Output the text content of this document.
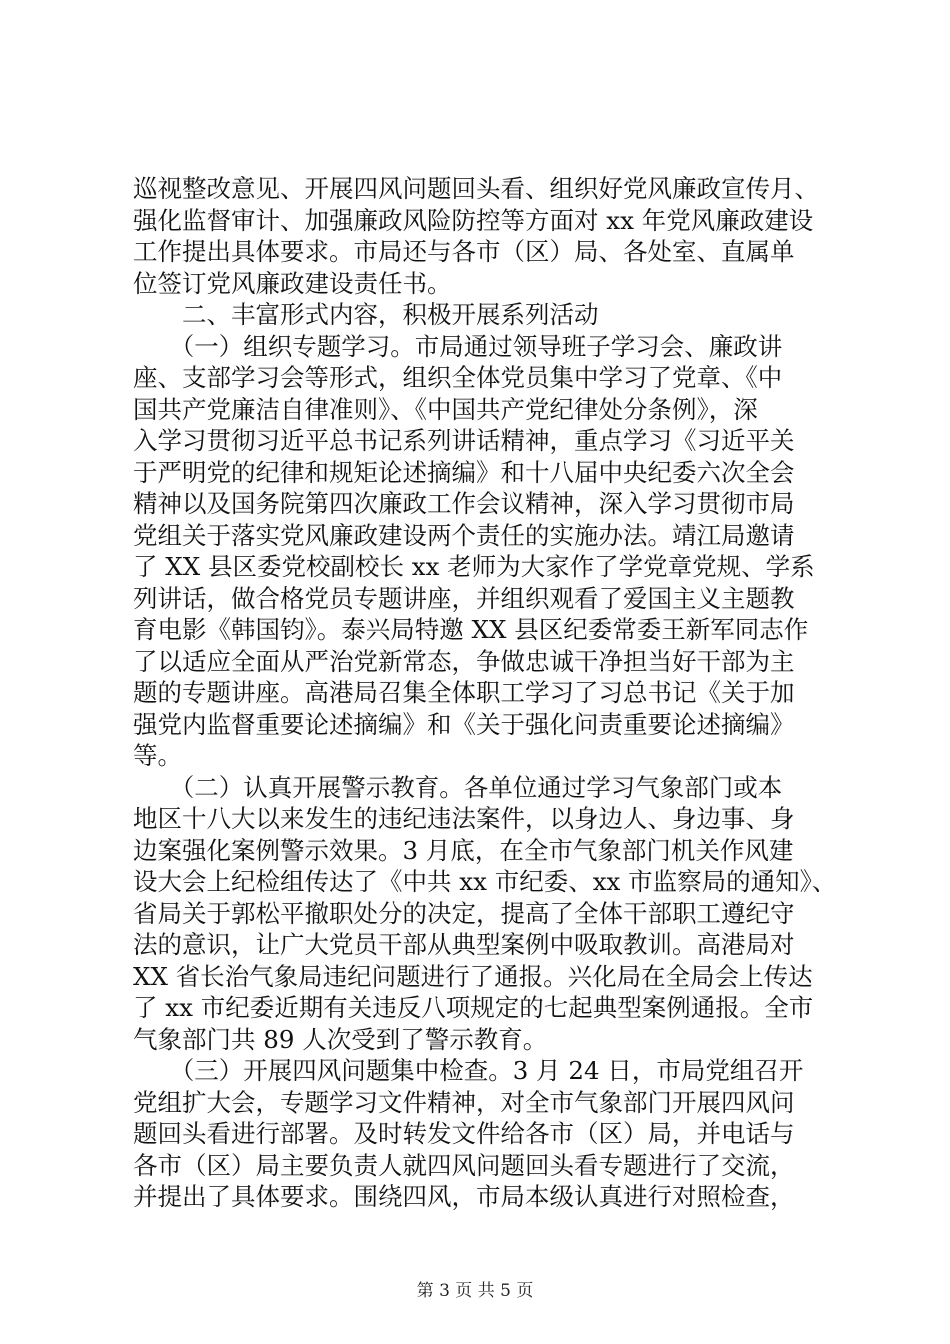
巡视整改意见、开展四风问题回头看、组织好党风廉政宣传月、
强化监督审计、加强廉政风险防控等方面对 xx 年党风廉政建设
工作提出具体要求。市局还与各市（区）局、各处室、直属单
位签订党风廉政建设责任书。
　　二、丰富形式内容，积极开展系列活动
　　（一）组织专题学习。市局通过领导班子学习会、廉政讲
座、支部学习会等形式，组织全体党员集中学习了党章、《中
国共产党廉洁自律准则》、《中国共产党纪律处分条例》，深
入学习贯彻习近平总书记系列讲话精神，重点学习《习近平关
于严明党的纪律和规矩论述摘编》和十八届中央纪委六次全会
精神以及国务院第四次廉政工作会议精神，深入学习贯彻市局
党组关于落实党风廉政建设两个责任的实施办法。靖江局邀请
了 XX 县区委党校副校长 xx 老师为大家作了学党章党规、学系
列讲话，做合格党员专题讲座，并组织观看了爱国主义主题教
育电影《韩国钧》。泰兴局特邀 XX 县区纪委常委王新军同志作
了以适应全面从严治党新常态，争做忠诚干净担当好干部为主
题的专题讲座。高港局召集全体职工学习了习总书记《关于加
强党内监督重要论述摘编》和《关于强化问责重要论述摘编》
等。
　　（二）认真开展警示教育。各单位通过学习气象部门或本
地区十八大以来发生的违纪违法案件，以身边人、身边事、身
边案强化案例警示效果。3 月底，在全市气象部门机关作风建
设大会上纪检组传达了《中共 xx 市纪委、xx 市监察局的通知》、
省局关于郭松平撤职处分的决定，提高了全体干部职工遵纪守
法的意识，让广大党员干部从典型案例中吸取教训。高港局对
XX 省长治气象局违纪问题进行了通报。兴化局在全局会上传达
了 xx 市纪委近期有关违反八项规定的七起典型案例通报。全市
气象部门共 89 人次受到了警示教育。
　　（三）开展四风问题集中检查。3 月 24 日，市局党组召开
党组扩大会，专题学习文件精神，对全市气象部门开展四风问
题回头看进行部署。及时转发文件给各市（区）局，并电话与
各市（区）局主要负责人就四风问题回头看专题进行了交流，
并提出了具体要求。围绕四风，市局本级认真进行对照检查，
第 3 页 共 5 页
